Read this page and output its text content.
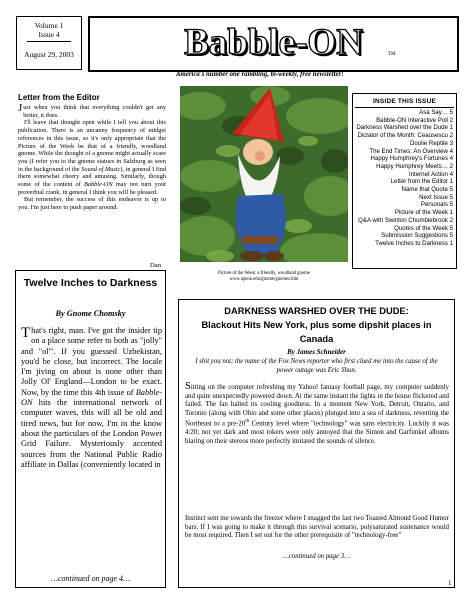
Volume 1
Issue 4
August 29, 2003	Babble-ON	TM
America's number one rambling, bi-weekly, free newsletter!
Letter from the Editor

Just when you think that everything couldn't get any better, it does.

I'll leave that thought open while I tell you about this publication. There is an uncanny frequency of midget references in this issue, so it's only appropriate that the Picture of the Week be that of a friendly, woodland gnome. While the thought of a gnome might actually scare you (I refer you to the gnome statues in Salzburg as seen in the background of the Sound of Music), in general I find them somewhat cheery and amusing. Similarly, though some of the content of Babble-ON may not turn your proverbial crank, in general I think you will be pleased.

But remember, the success of this endeavor is up to you. I'm just here to push paper around.

Dan
Picture of the Week: a friendly, woodland gnome
www.upenn.edu/gnome/gnomes.htm
INSIDE THIS ISSUE
Asa Say… 5
Babble-ON Interactive Poll 2
Darkness Warshed over the Dude 1
Dictator of the Month: Ceausescu 2
Doolie Reptile 3
The End Times: An Overview 4
Happy Humphrey's Fortunes 4
Happy Humphrey Meets… 2
Internet Action 4
Letter from the Editor 1
Name that Quote 5
Next Issue 5
Personals 5
Picture of the Week 1
Q&A with Swinton Chumblebrook 2
Quotes of the Week 5
Submission Suggestions 5
Twelve Inches to Darkness 1
Twelve Inches to Darkness
By Gnome Chomsky
That's right, man. I've got the insider tip on a place some refer to both as "jolly" and "ol'". If you guessed Uzbekistan, you'd be close, but incorrect. The locale I'm jiving on about is none other than Jolly Ol' England—London to be exact. Now, by the time this 4th issue of Babble-ON hits the international network of computer waves, this will all be old and tired news, but for now, I'm in the know about the particulars of the London Power Grid Failure. Mysteriously accented sources from the National Public Radio affiliate in Dallas (conveniently located in
…continued on page 4…
DARKNESS WARSHED OVER THE DUDE:
Blackout Hits New York, plus some dipshit places in Canada
By James Schneider
I shit you not; the name of the Fox News reporter who first clued me into the cause of the power outage was Eric Shun.
Sitting on the computer refreshing my Yahoo! fantasy football page, my computer suddenly and quite unexpectedly powered down. At the same instant the lights in the house flickered and failed. The fan halted its cooling goodness. In a moment New York, Detroit, Ontario, and Toronto (along with Ohio and some other places) plunged into a sea of darkness, reverting the Northeast to a pre-20th Century level where "technology" was sans electricity. Luckily it was 4:20; not yet dark and most tokers were only annoyed that the Simon and Garfunkel albums blaring on their stereos more perfectly imitated the sounds of silence.
Instinct sent me towards the freezer where I snagged the last two Toasted Almond Good Humor bars. If I was going to make it through this survival scenario, polysaturated sustenance would be most required. Then I set out for the other prerequisite of "technology-free"
…continued on page 3…
1
